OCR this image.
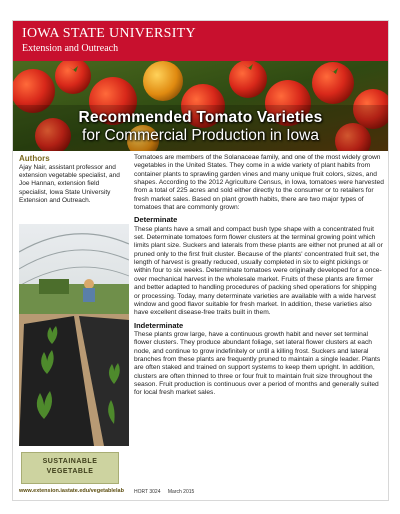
IOWA STATE UNIVERSITY
Extension and Outreach
Recommended Tomato Varieties
for Commercial Production in Iowa
Authors

Ajay Nair, assistant professor and extension vegetable specialist, and Joe Hannan, extension field specialist, Iowa State University Extension and Outreach.

SUSTAINABLE
VEGETABLE
www.extension.iastate.edu/vegetablelab

Tomatoes are members of the Solanaceae family, and one of the most widely grown vegetables in the United States. They come in a wide variety of plant habits from container plants to sprawling garden vines and many unique fruit colors, sizes, and shapes. According to the 2012 Agriculture Census, in Iowa, tomatoes were harvested from a total of 225 acres and sold either directly to the consumer or to retailers for fresh market sales. Based on plant growth habits, there are two major types of tomatoes that are commonly grown:

Determinate

These plants have a small and compact bush type shape with a concentrated fruit set. Determinate tomatoes form flower clusters at the terminal growing point which limits plant size. Suckers and laterals from these plants are either not pruned at all or pruned only to the first fruit cluster. Because of the plants' concentrated fruit set, the length of harvest is greatly reduced, usually completed in six to eight pickings or within four to six weeks. Determinate tomatoes were originally developed for a once-over mechanical harvest in the wholesale market. Fruits of these plants are firmer and better adapted to handling procedures of packing shed operations for shipping or processing. Today, many determinate varieties are available with a wide harvest window and good flavor suitable for fresh market. In addition, these varieties also have excellent disease-free traits built in them.

Indeterminate

These plants grow large, have a continuous growth habit and never set terminal flower clusters. They produce abundant foliage, set lateral flower clusters at each node, and continue to grow indefinitely or until a killing frost. Suckers and lateral branches from these plants are frequently pruned to maintain a single leader. Plants are often staked and trained on support systems to keep them upright. In addition, clusters are often thinned to three or four fruit to maintain fruit size throughout the season. Fruit production is continuous over a period of months and generally suited for local fresh market sales.

HORT 3024 March 2015
